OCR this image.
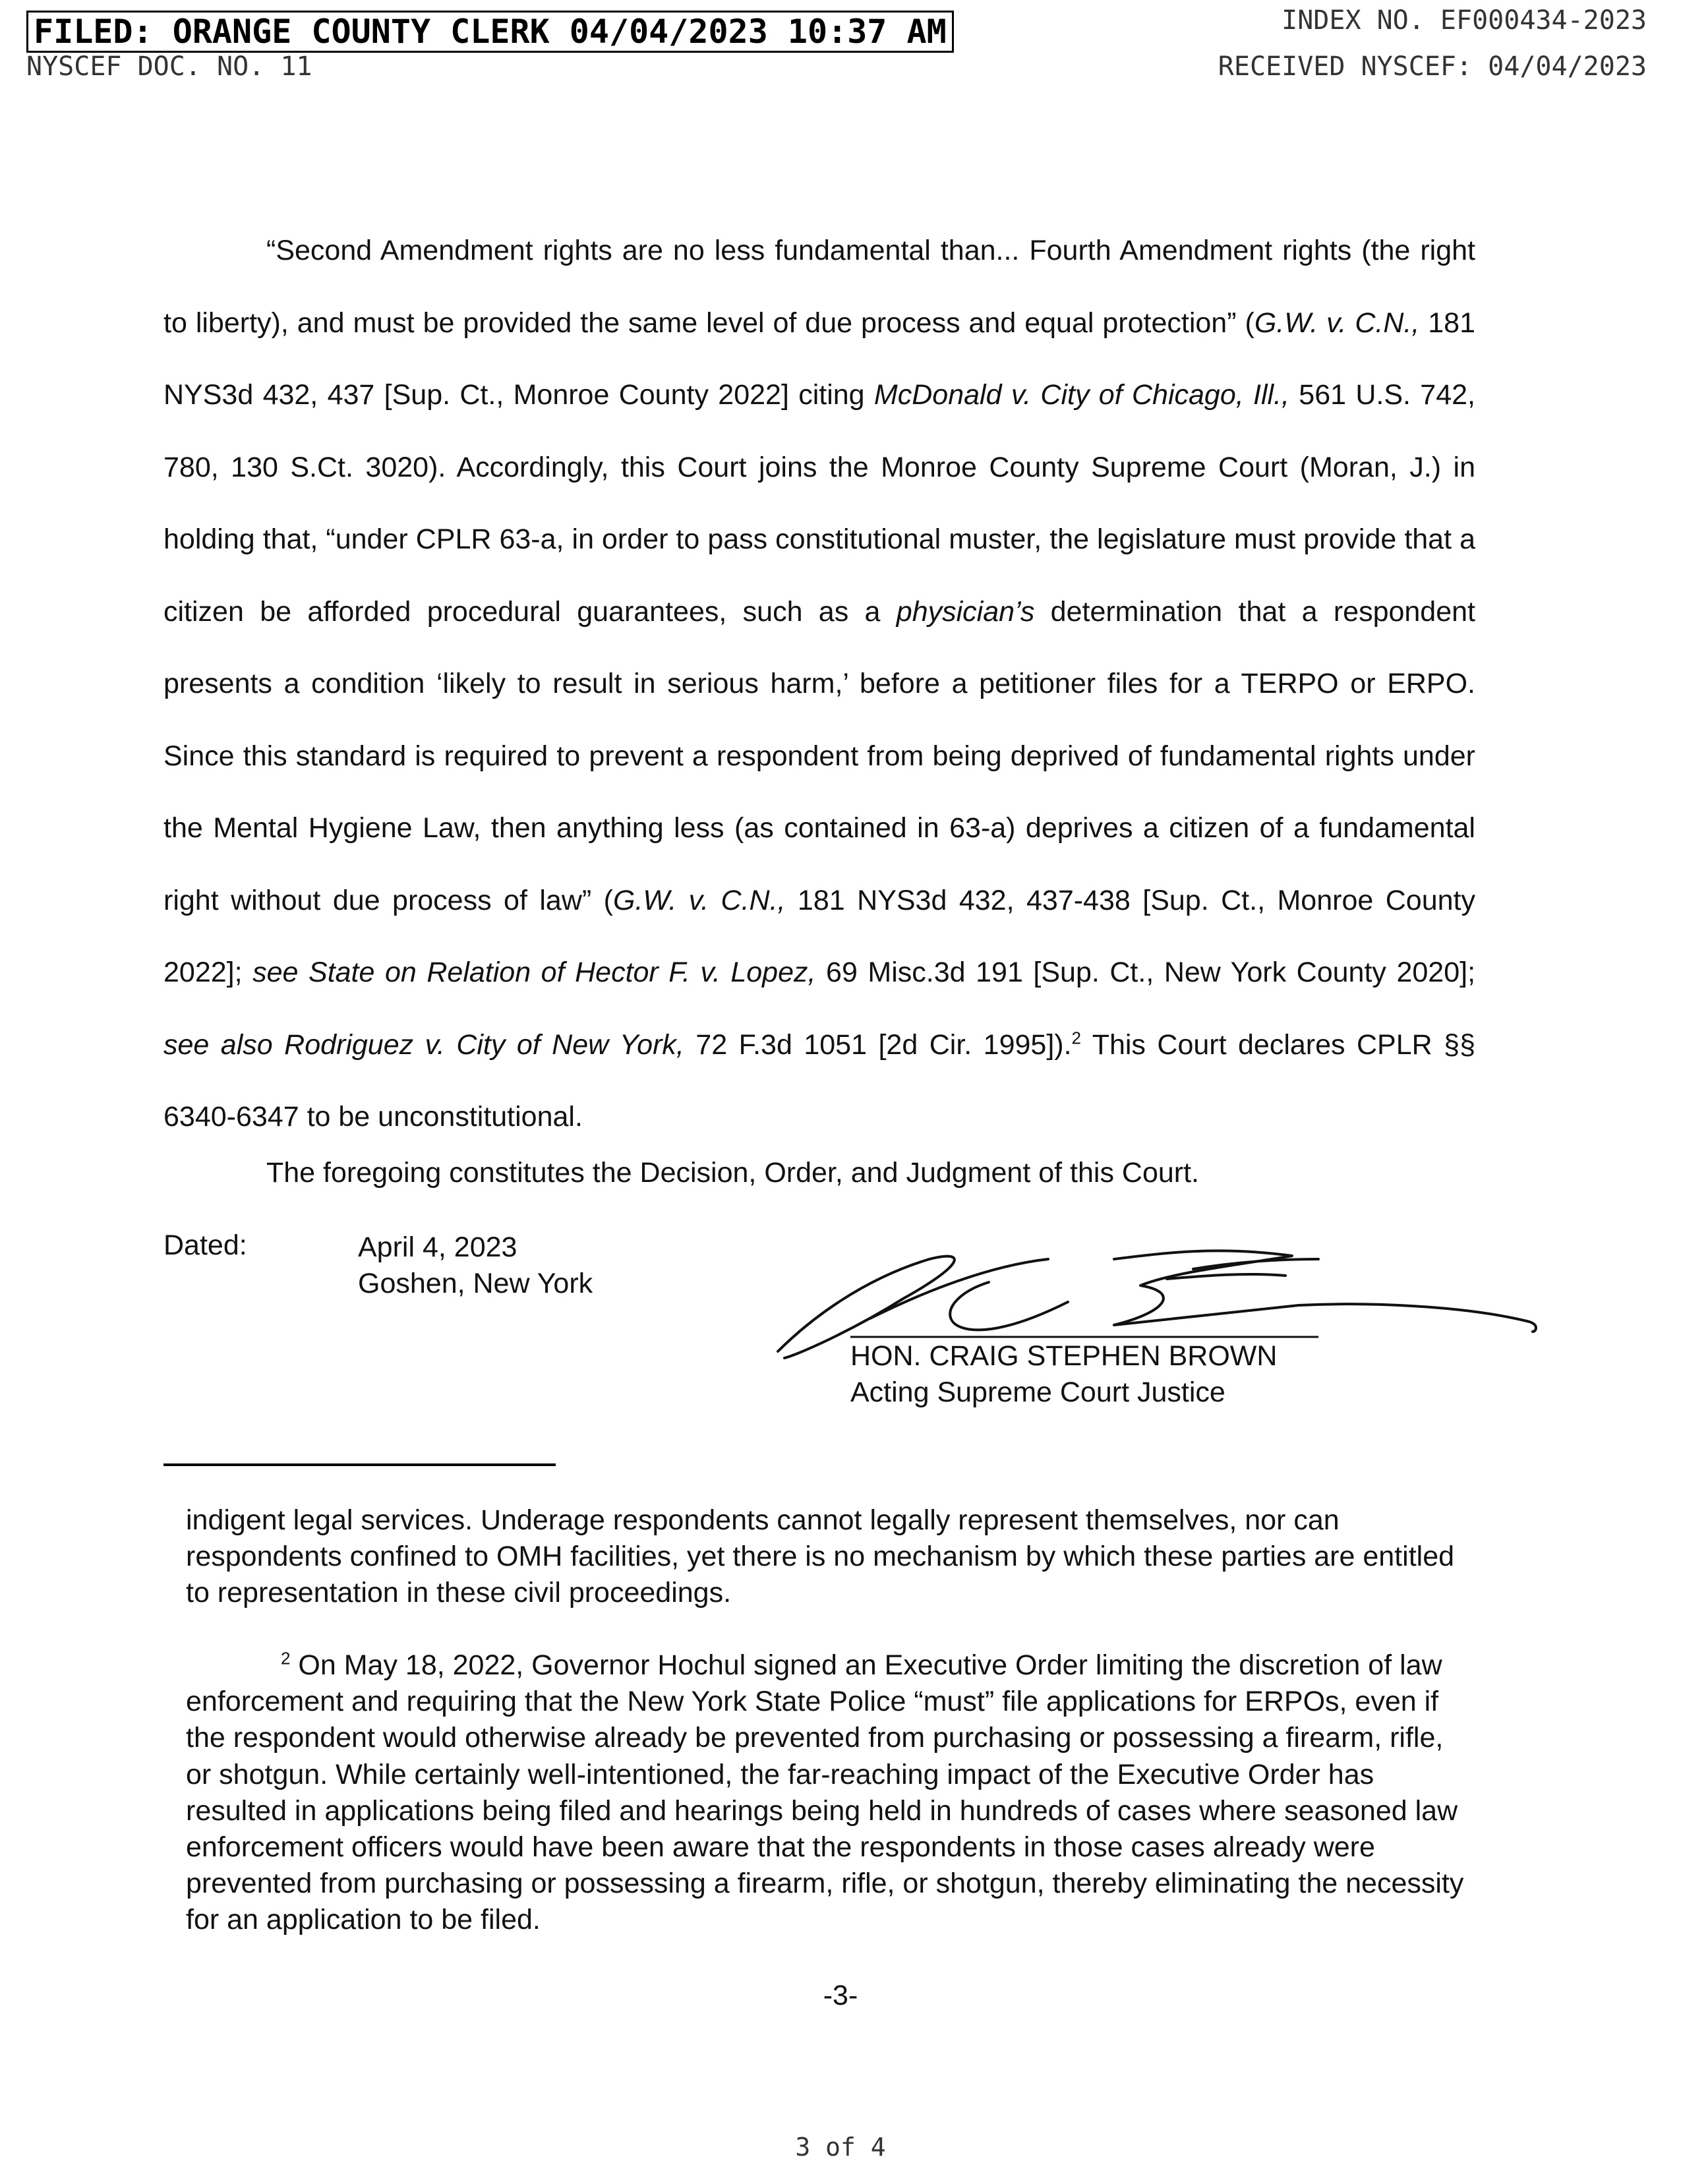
FILED: ORANGE COUNTY CLERK 04/04/2023 10:37 AM	INDEX NO. EF000434-2023
NYSCEF DOC. NO. 11	RECEIVED NYSCEF: 04/04/2023

“Second Amendment rights are no less fundamental than... Fourth Amendment rights (the right to liberty), and must be provided the same level of due process and equal protection” (G.W. v. C.N., 181 NYS3d 432, 437 [Sup. Ct., Monroe County 2022] citing McDonald v. City of Chicago, Ill., 561 U.S. 742, 780, 130 S.Ct. 3020). Accordingly, this Court joins the Monroe County Supreme Court (Moran, J.) in holding that, “under CPLR 63-a, in order to pass constitutional muster, the legislature must provide that a citizen be afforded procedural guarantees, such as a physician’s determination that a respondent presents a condition ‘likely to result in serious harm,’ before a petitioner files for a TERPO or ERPO. Since this standard is required to prevent a respondent from being deprived of fundamental rights under the Mental Hygiene Law, then anything less (as contained in 63-a) deprives a citizen of a fundamental right without due process of law” (G.W. v. C.N., 181 NYS3d 432, 437-438 [Sup. Ct., Monroe County 2022]; see State on Relation of Hector F. v. Lopez, 69 Misc.3d 191 [Sup. Ct., New York County 2020]; see also Rodriguez v. City of New York, 72 F.3d 1051 [2d Cir. 1995]).$^2$ This Court declares CPLR §§ 6340-6347 to be unconstitutional.

The foregoing constitutes the Decision, Order, and Judgment of this Court.
Dated:	April 4, 2023
Goshen, New York
HON. CRAIG STEPHEN BROWN
Acting Supreme Court Justice

indigent legal services. Underage respondents cannot legally represent themselves, nor can respondents confined to OMH facilities, yet there is no mechanism by which these parties are entitled to representation in these civil proceedings.

$^2$ On May 18, 2022, Governor Hochul signed an Executive Order limiting the discretion of law enforcement and requiring that the New York State Police “must” file applications for ERPOs, even if the respondent would otherwise already be prevented from purchasing or possessing a firearm, rifle, or shotgun. While certainly well-intentioned, the far-reaching impact of the Executive Order has resulted in applications being filed and hearings being held in hundreds of cases where seasoned law enforcement officers would have been aware that the respondents in those cases already were prevented from purchasing or possessing a firearm, rifle, or shotgun, thereby eliminating the necessity for an application to be filed.

-3-
3 of 4
